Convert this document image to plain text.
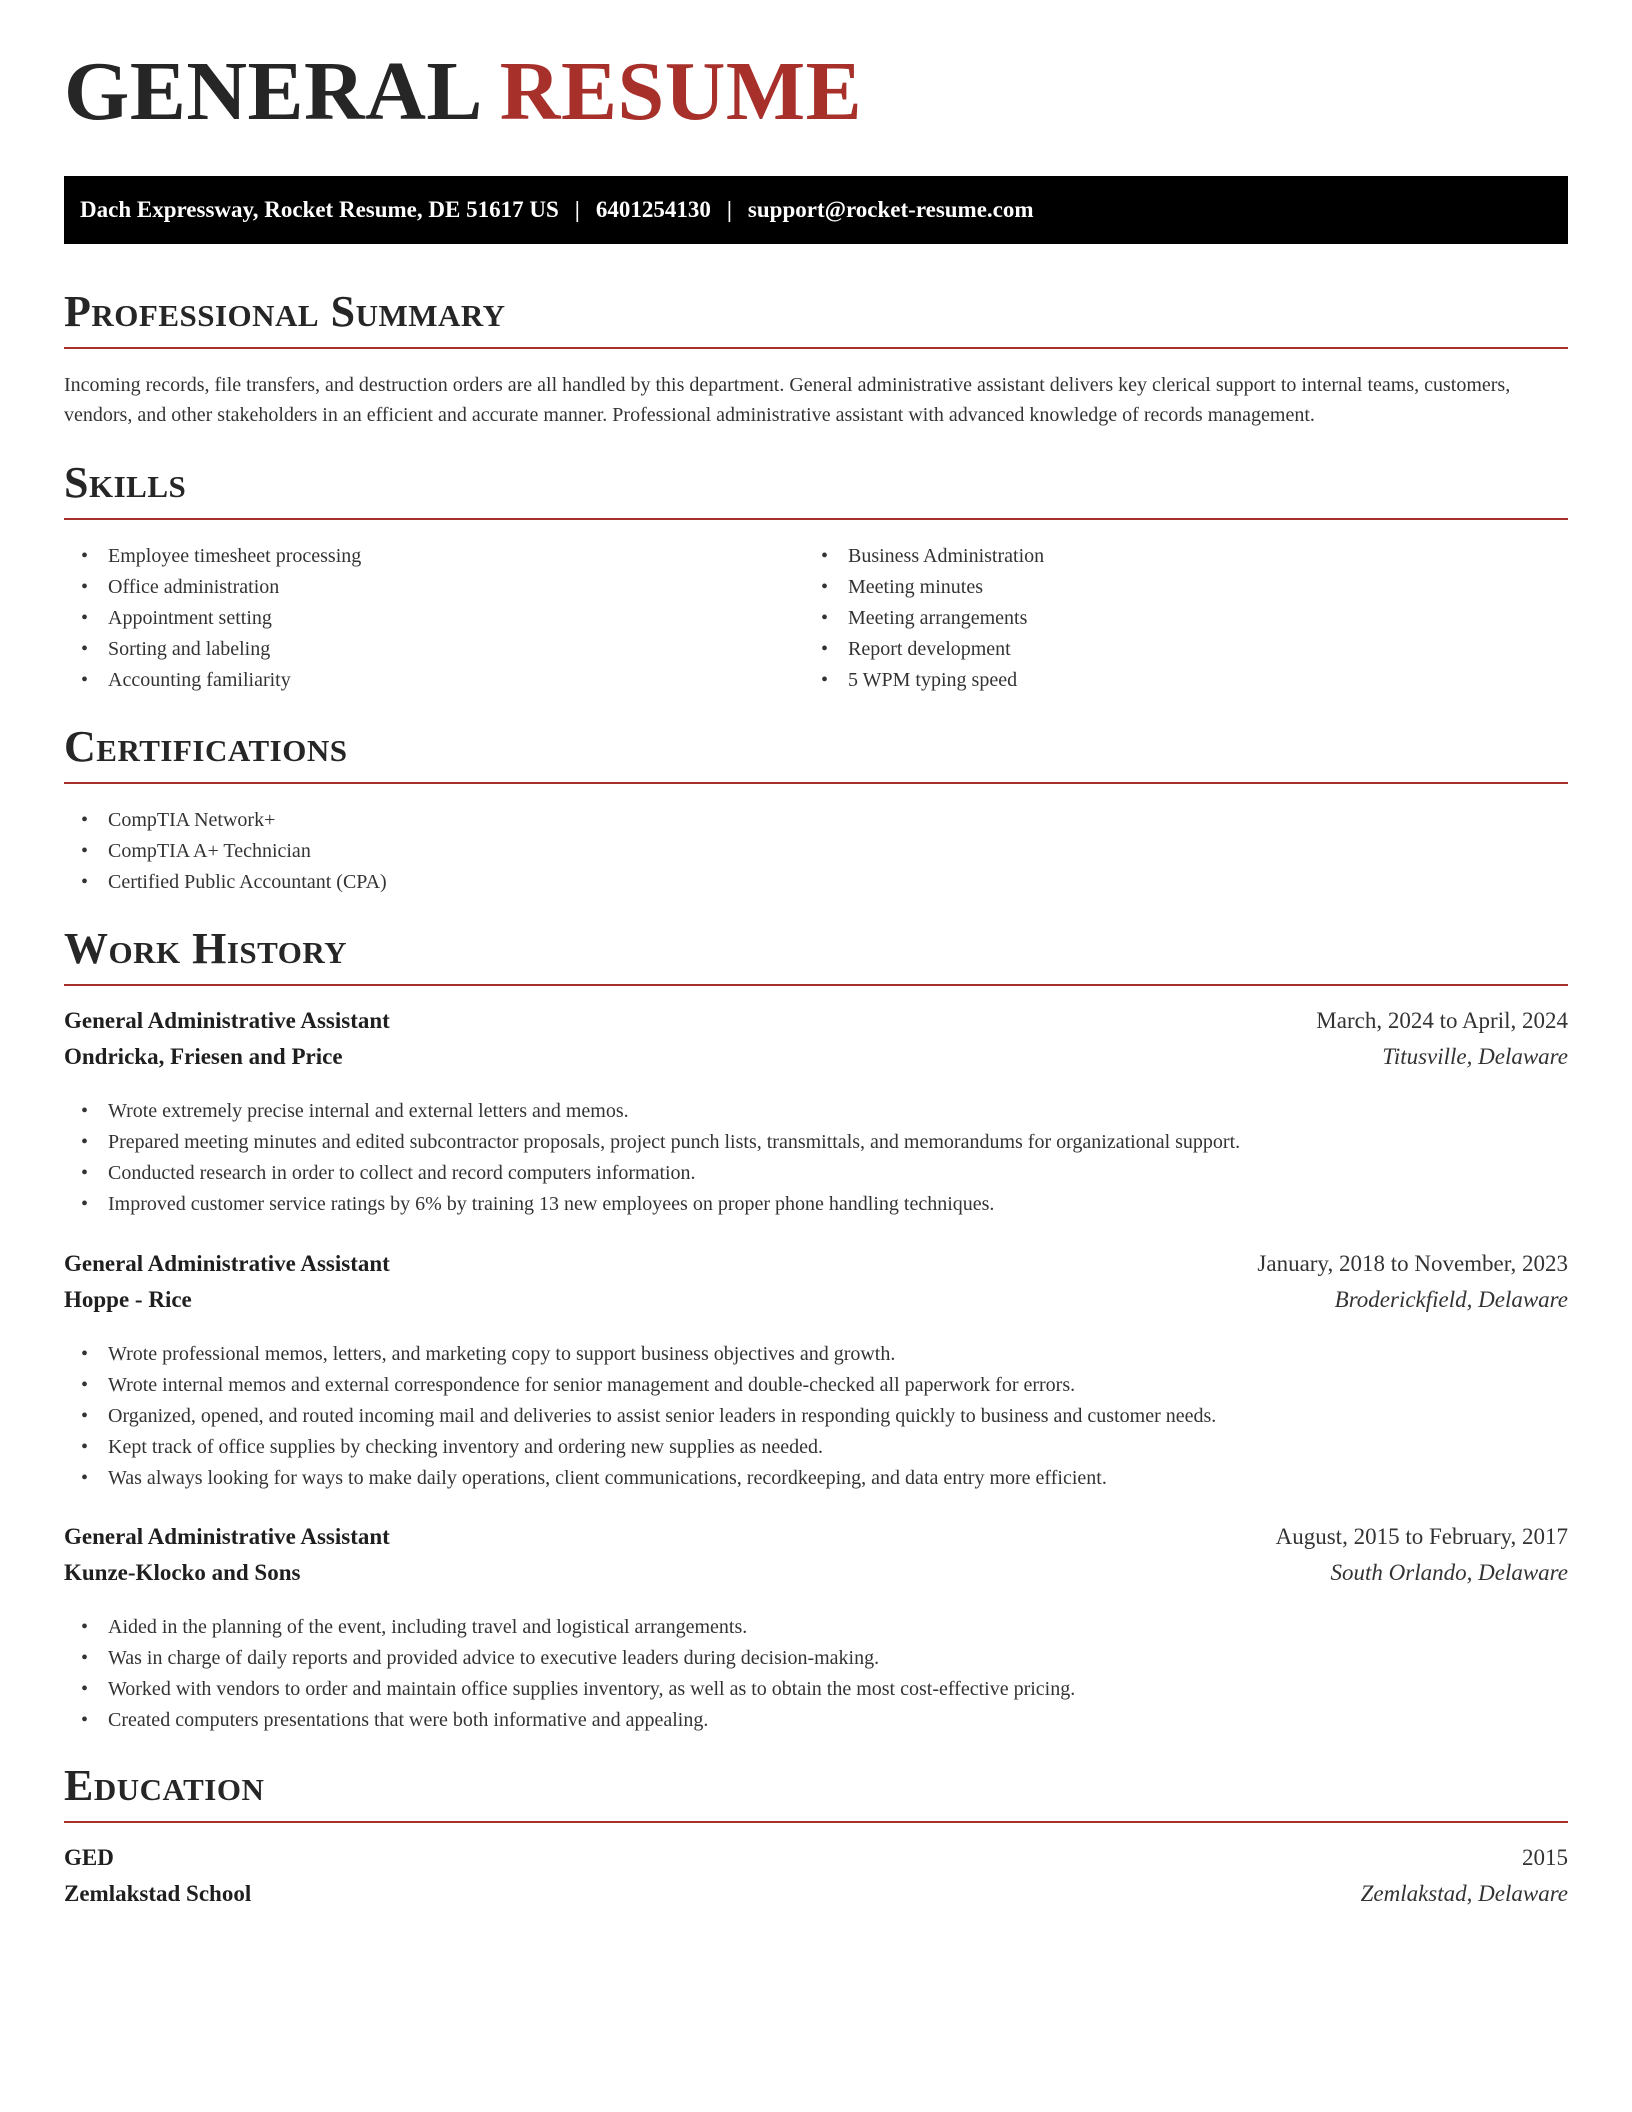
GENERAL RESUME
Dach Expressway, Rocket Resume, DE 51617 US | 6401254130 | support@rocket-resume.com
Professional Summary
Incoming records, file transfers, and destruction orders are all handled by this department. General administrative assistant delivers key clerical support to internal teams, customers, vendors, and other stakeholders in an efficient and accurate manner. Professional administrative assistant with advanced knowledge of records management.
Skills
• Employee timesheet processing
• Office administration
• Appointment setting
• Sorting and labeling
• Accounting familiarity
• Business Administration
• Meeting minutes
• Meeting arrangements
• Report development
• 5 WPM typing speed
Certifications
• CompTIA Network+
• CompTIA A+ Technician
• Certified Public Accountant (CPA)
Work History
General Administrative Assistant	March, 2024 to April, 2024
Ondricka, Friesen and Price	Titusville, Delaware
• Wrote extremely precise internal and external letters and memos.
• Prepared meeting minutes and edited subcontractor proposals, project punch lists, transmittals, and memorandums for organizational support.
• Conducted research in order to collect and record computers information.
• Improved customer service ratings by 6% by training 13 new employees on proper phone handling techniques.
General Administrative Assistant	January, 2018 to November, 2023
Hoppe - Rice	Broderickfield, Delaware
• Wrote professional memos, letters, and marketing copy to support business objectives and growth.
• Wrote internal memos and external correspondence for senior management and double-checked all paperwork for errors.
• Organized, opened, and routed incoming mail and deliveries to assist senior leaders in responding quickly to business and customer needs.
• Kept track of office supplies by checking inventory and ordering new supplies as needed.
• Was always looking for ways to make daily operations, client communications, recordkeeping, and data entry more efficient.
General Administrative Assistant	August, 2015 to February, 2017
Kunze-Klocko and Sons	South Orlando, Delaware
• Aided in the planning of the event, including travel and logistical arrangements.
• Was in charge of daily reports and provided advice to executive leaders during decision-making.
• Worked with vendors to order and maintain office supplies inventory, as well as to obtain the most cost-effective pricing.
• Created computers presentations that were both informative and appealing.
Education
GED	2015
Zemlakstad School	Zemlakstad, Delaware
